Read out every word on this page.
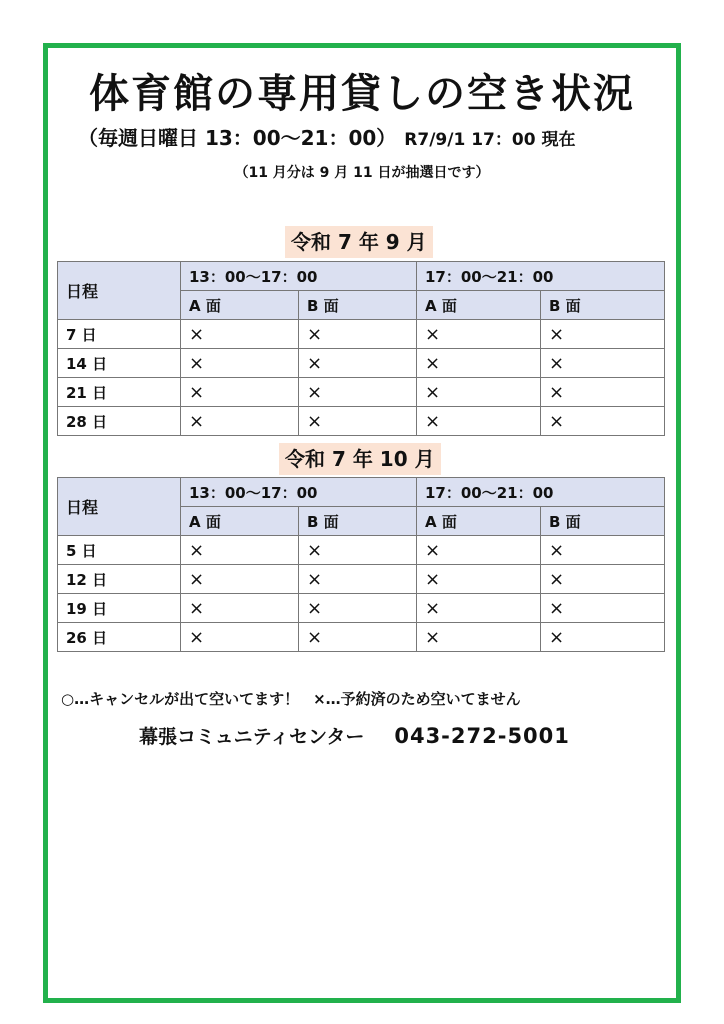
体育館の専用貸しの空き状況
（毎週日曜日 13：00～21：00） R7/9/1 17：00 現在
（11 月分は 9 月 11 日が抽選日です）
令和 7 年 9 月
日程	13：00～17：00		17：00～21：00	
	A 面	B 面	A 面	B 面
7 日	×	×	×	×
14 日	×	×	×	×
21 日	×	×	×	×
28 日	×	×	×	×
令和 7 年 10 月
日程	13：00～17：00		17：00～21：00	
	A 面	B 面	A 面	B 面
5 日	×	×	×	×
12 日	×	×	×	×
19 日	×	×	×	×
26 日	×	×	×	×
○…キャンセルが出て空いてます！ ×…予約済のため空いてません
幕張コミュニティセンター 043-272-5001
